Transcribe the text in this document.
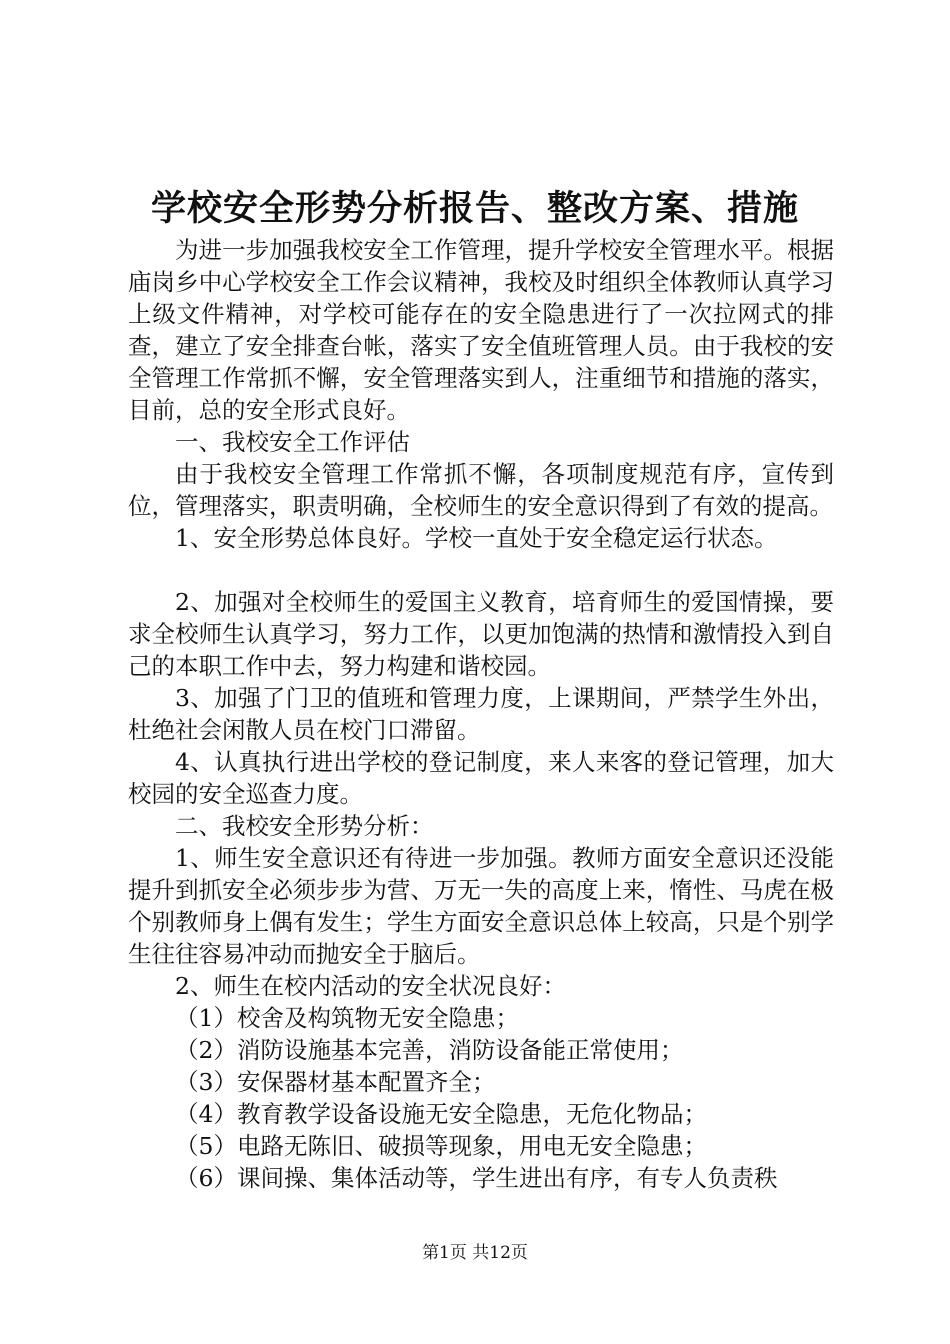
学校安全形势分析报告、整改方案、措施

为进一步加强我校安全工作管理，提升学校安全管理水平。根据庙岗乡中心学校安全工作会议精神，我校及时组织全体教师认真学习上级文件精神，对学校可能存在的安全隐患进行了一次拉网式的排查，建立了安全排查台帐，落实了安全值班管理人员。由于我校的安全管理工作常抓不懈，安全管理落实到人，注重细节和措施的落实，目前，总的安全形式良好。

一、我校安全工作评估

由于我校安全管理工作常抓不懈，各项制度规范有序，宣传到位，管理落实，职责明确，全校师生的安全意识得到了有效的提高。

1、安全形势总体良好。学校一直处于安全稳定运行状态。

2、加强对全校师生的爱国主义教育，培育师生的爱国情操，要求全校师生认真学习，努力工作，以更加饱满的热情和激情投入到自己的本职工作中去，努力构建和谐校园。

3、加强了门卫的值班和管理力度，上课期间，严禁学生外出，杜绝社会闲散人员在校门口滞留。

4、认真执行进出学校的登记制度，来人来客的登记管理，加大校园的安全巡查力度。

二、我校安全形势分析：

1、师生安全意识还有待进一步加强。教师方面安全意识还没能提升到抓安全必须步步为营、万无一失的高度上来，惰性、马虎在极个别教师身上偶有发生；学生方面安全意识总体上较高，只是个别学生往往容易冲动而抛安全于脑后。

2、师生在校内活动的安全状况良好：

（1）校舍及构筑物无安全隐患；

（2）消防设施基本完善，消防设备能正常使用；

（3）安保器材基本配置齐全；

（4）教育教学设备设施无安全隐患，无危化物品；

（5）电路无陈旧、破损等现象，用电无安全隐患；

（6）课间操、集体活动等，学生进出有序，有专人负责秩

第1页 共12页
